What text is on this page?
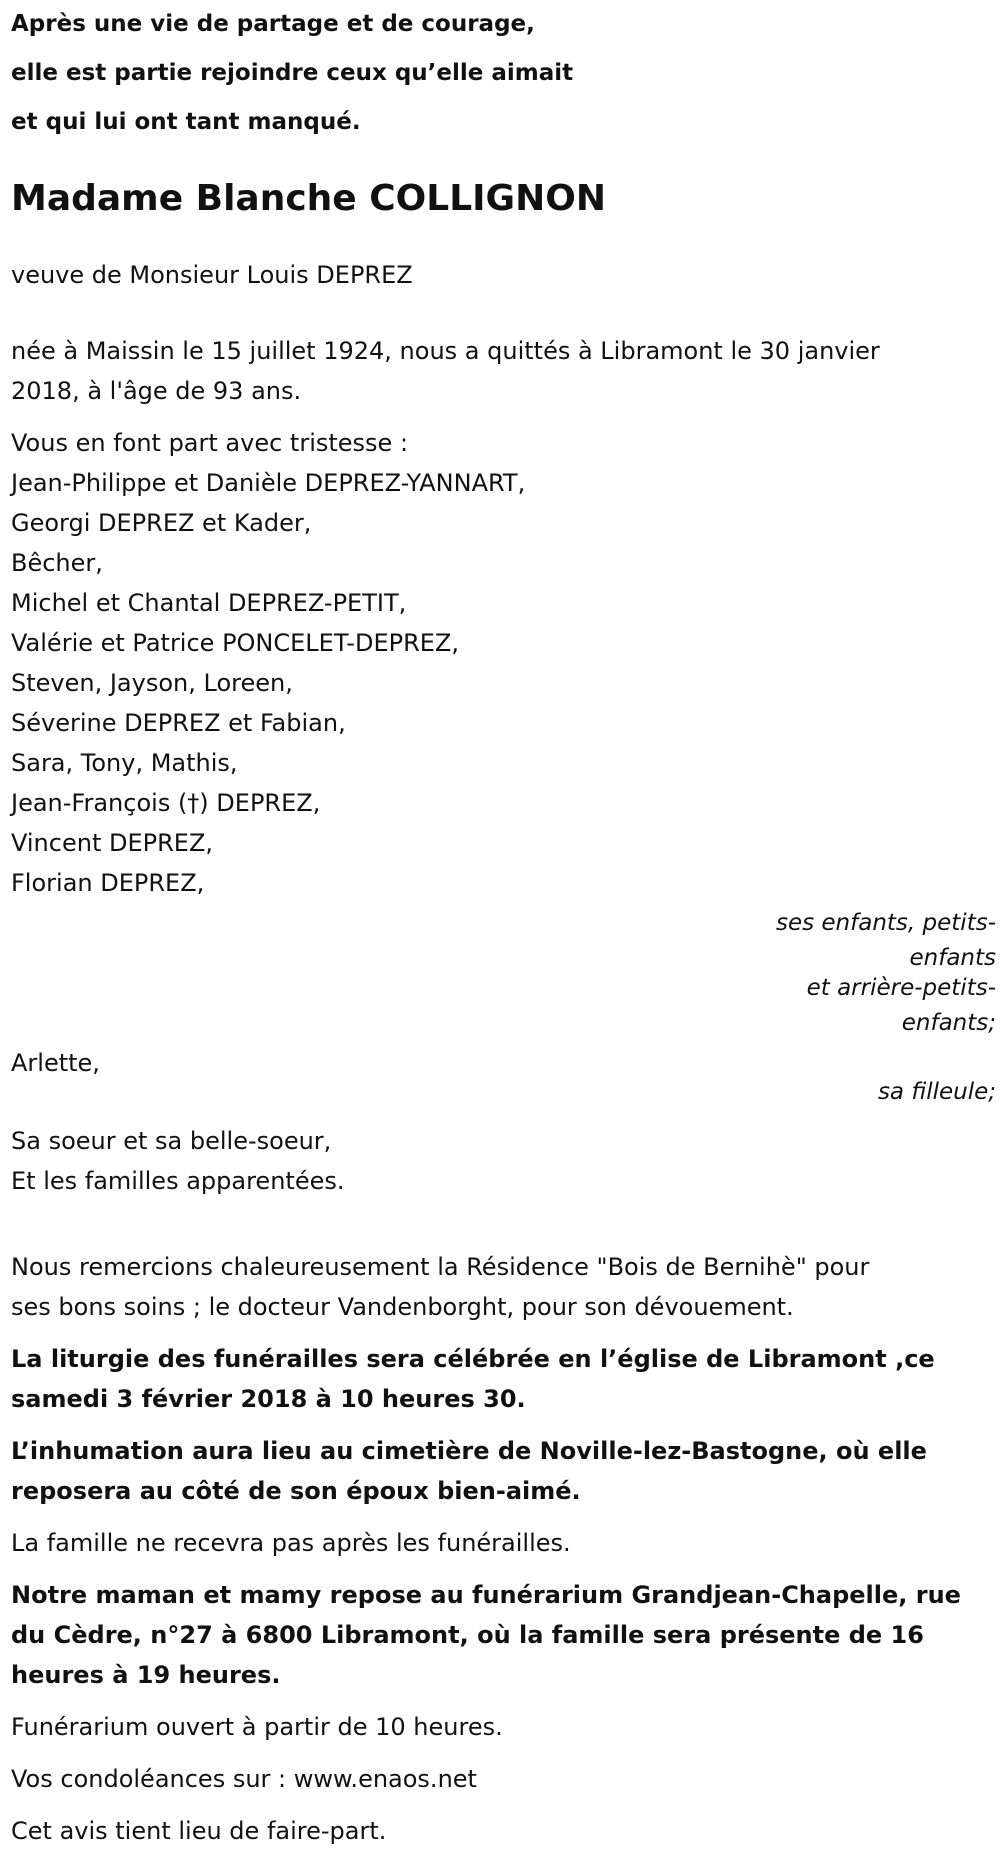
Après une vie de partage et de courage,

elle est partie rejoindre ceux qu’elle aimait

et qui lui ont tant manqué.

Madame Blanche COLLIGNON

veuve de Monsieur Louis DEPREZ

née à Maissin le 15 juillet 1924, nous a quittés à Libramont le 30 janvier
2018, à l'âge de 93 ans.
Vous en font part avec tristesse :
Jean-Philippe et Danièle DEPREZ-YANNART,
Georgi DEPREZ et Kader,
Bêcher,
Michel et Chantal DEPREZ-PETIT,
Valérie et Patrice PONCELET-DEPREZ,
Steven, Jayson, Loreen,
Séverine DEPREZ et Fabian,
Sara, Tony, Mathis,
Jean-François (†) DEPREZ,
Vincent DEPREZ,
Florian DEPREZ,
ses enfants, petits-
enfants
et arrière-petits-
enfants;
Arlette,
sa filleule;
Sa soeur et sa belle-soeur,
Et les familles apparentées.
Nous remercions chaleureusement la Résidence "Bois de Bernihè" pour
ses bons soins ; le docteur Vandenborght, pour son dévouement.
La liturgie des funérailles sera célébrée en l’église de Libramont ,ce
samedi 3 février 2018 à 10 heures 30.
L’inhumation aura lieu au cimetière de Noville-lez-Bastogne, où elle
reposera au côté de son époux bien-aimé.
La famille ne recevra pas après les funérailles.
Notre maman et mamy repose au funérarium Grandjean-Chapelle, rue
du Cèdre, n°27 à 6800 Libramont, où la famille sera présente de 16
heures à 19 heures.
Funérarium ouvert à partir de 10 heures.
Vos condoléances sur : www.enaos.net
Cet avis tient lieu de faire-part.
